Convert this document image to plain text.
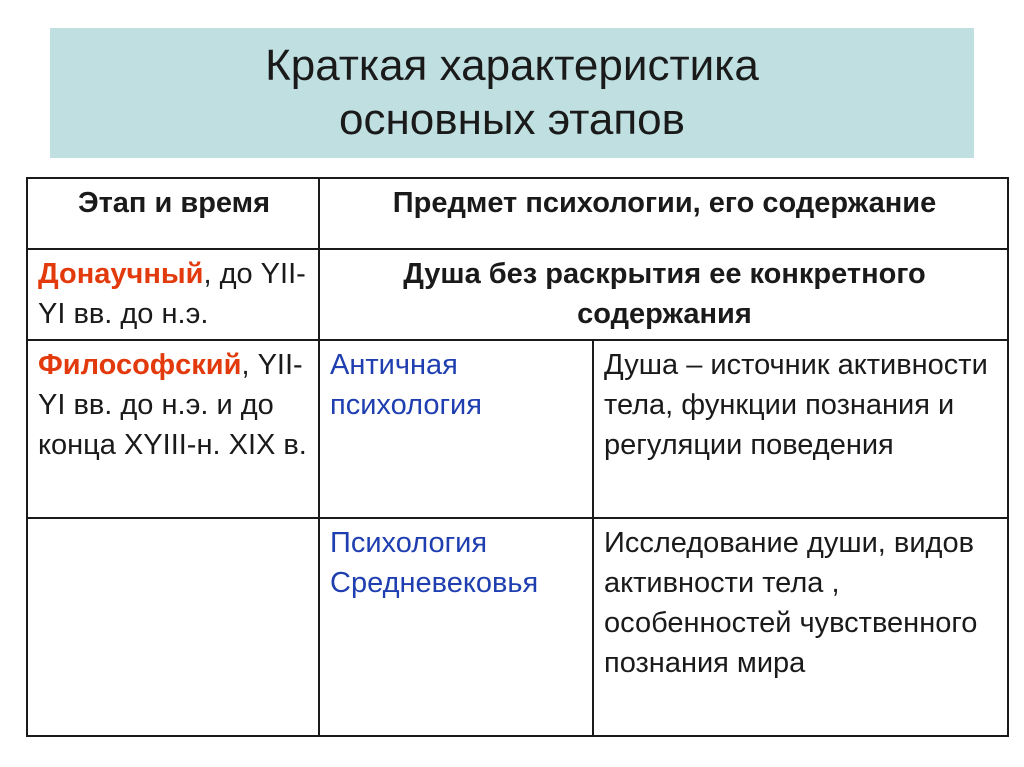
Краткая характеристика
основных этапов
Этап и время	Предмет психологии, его содержание	
Донаучный, до YII-YI вв. до н.э.	Душа без раскрытия ее конкретного содержания	
Философский, YII-YI вв. до н.э. и до конца XYIII-н. XIX в.	Античная психология	Душа – источник активности тела, функции познания и регуляции поведения
	Психология Средневековья	Исследование души, видов активности тела , особенностей чувственного познания мира
